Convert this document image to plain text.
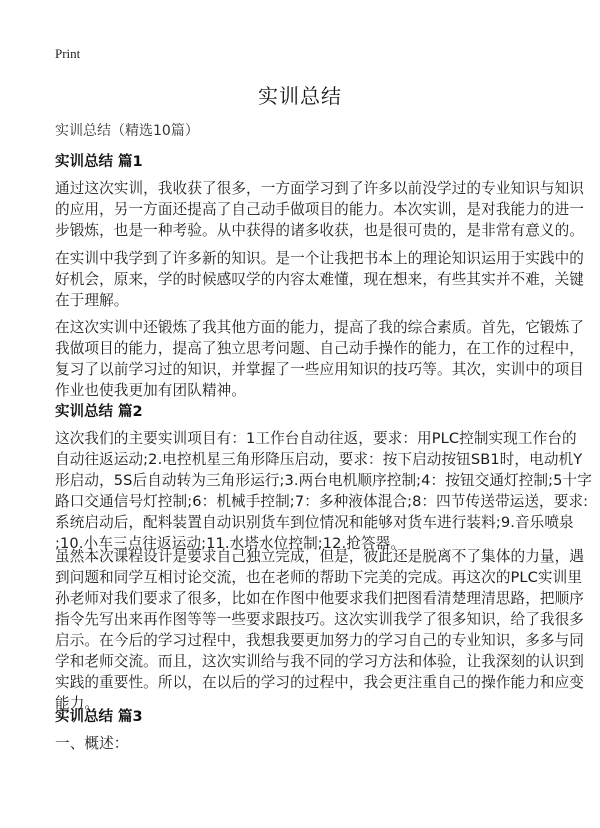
Print
实训总结
实训总结（精选10篇）
实训总结 篇1
通过这次实训，我收获了很多，一方面学习到了许多以前没学过的专业知识与知识
的应用，另一方面还提高了自己动手做项目的能力。本次实训，是对我能力的进一
步锻炼，也是一种考验。从中获得的诸多收获，也是很可贵的，是非常有意义的。
在实训中我学到了许多新的知识。是一个让我把书本上的理论知识运用于实践中的
好机会，原来，学的时候感叹学的内容太难懂，现在想来，有些其实并不难，关键
在于理解。
在这次实训中还锻炼了我其他方面的能力，提高了我的综合素质。首先，它锻炼了
我做项目的能力，提高了独立思考问题、自己动手操作的能力，在工作的过程中，
复习了以前学习过的知识，并掌握了一些应用知识的技巧等。其次，实训中的项目
作业也使我更加有团队精神。
实训总结 篇2
这次我们的主要实训项目有：1工作台自动往返，要求：用PLC控制实现工作台的
自动往返运动;2.电控机星三角形降压启动，要求：按下启动按钮SB1时，电动机Y
形启动，5S后自动转为三角形运行;3.两台电机顺序控制;4：按钮交通灯控制;5十字
路口交通信号灯控制;6：机械手控制;7：多种液体混合;8：四节传送带运送，要求:
系统启动后，配料装置自动识别货车到位情况和能够对货车进行装料;9.音乐喷泉
;10.小车三点往返运动;11.水塔水位控制;12.抢答器。
虽然本次课程设计是要求自己独立完成，但是，彼此还是脱离不了集体的力量，遇
到问题和同学互相讨论交流，也在老师的帮助下完美的完成。再这次的PLC实训里
孙老师对我们要求了很多，比如在作图中他要求我们把图看清楚理清思路，把顺序
指令先写出来再作图等等一些要求跟技巧。这次实训我学了很多知识，给了我很多
启示。在今后的学习过程中，我想我要更加努力的学习自己的专业知识，多多与同
学和老师交流。而且，这次实训给与我不同的学习方法和体验，让我深刻的认识到
实践的重要性。所以，在以后的学习的过程中，我会更注重自己的操作能力和应变
能力。
实训总结 篇3
一、概述：
